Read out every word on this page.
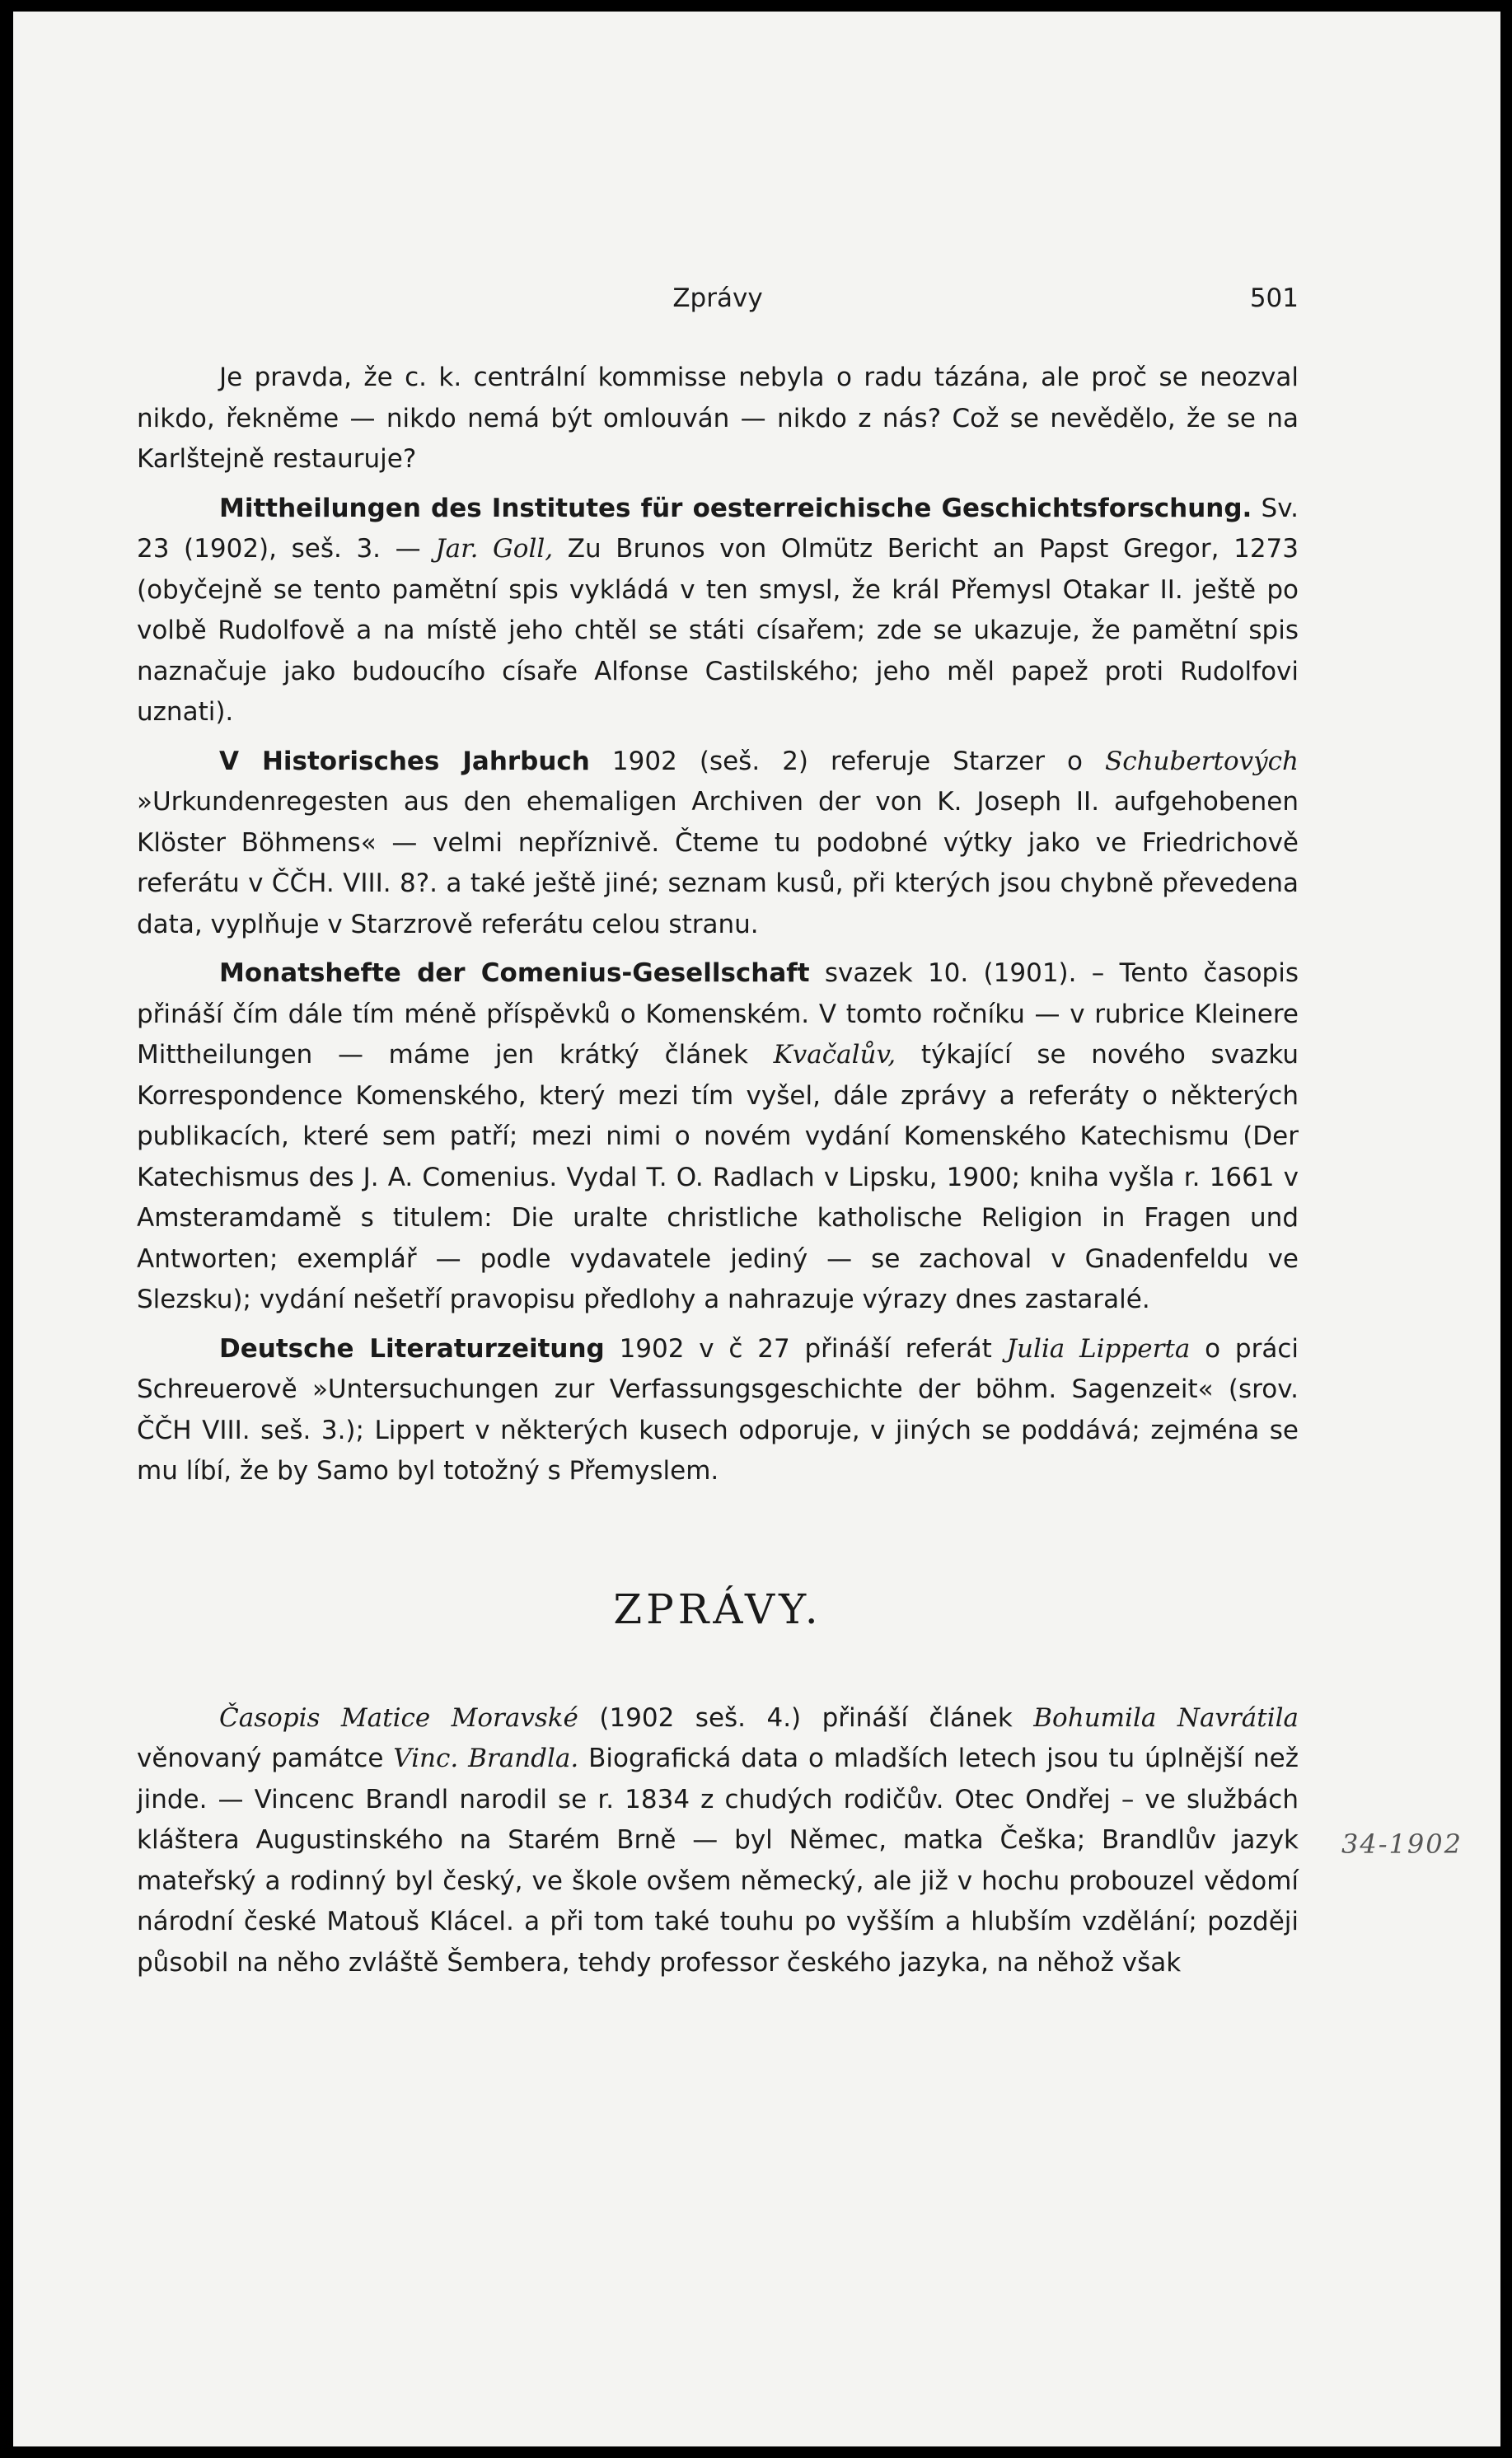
Zprávy	501

Je pravda, že c. k. centrální kommisse nebyla o radu tázána, ale proč se neozval nikdo, řekněme — nikdo nemá být omlouván — nikdo z nás? Což se nevědělo, že se na Karlštejně restauruje?

Mittheilungen des Institutes für oesterreichische Geschichtsforschung. Sv. 23 (1902), seš. 3. — Jar. Goll, Zu Brunos von Olmütz Bericht an Papst Gregor, 1273 (obyčejně se tento pamětní spis vykládá v ten smysl, že král Přemysl Otakar II. ještě po volbě Rudolfově a na místě jeho chtěl se státi císařem; zde se ukazuje, že pamětní spis naznačuje jako budoucího císaře Alfonse Castilského; jeho měl papež proti Rudolfovi uznati).

V Historisches Jahrbuch 1902 (seš. 2) referuje Starzer o Schubertových »Urkundenregesten aus den ehemaligen Archiven der von K. Joseph II. aufgehobenen Klöster Böhmens« — velmi nepříznivě. Čteme tu podobné výtky jako ve Friedrichově referátu v ČČH. VIII. 8?. a také ještě jiné; seznam kusů, při kterých jsou chybně převedena data, vyplňuje v Starzrově referátu celou stranu.

Monatshefte der Comenius-Gesellschaft svazek 10. (1901). – Tento časopis přináší čím dále tím méně příspěvků o Komenském. V tomto ročníku — v rubrice Kleinere Mittheilungen — máme jen krátký článek Kvačalův, týkající se nového svazku Korrespondence Komenského, který mezi tím vyšel, dále zprávy a referáty o některých publikacích, které sem patří; mezi nimi o novém vydání Komenského Katechismu (Der Katechismus des J. A. Comenius. Vydal T. O. Radlach v Lipsku, 1900; kniha vyšla r. 1661 v Amsteramdamě s titulem: Die uralte christliche katholische Religion in Fragen und Antworten; exemplář — podle vydavatele jediný — se zachoval v Gnadenfeldu ve Slezsku); vydání nešetří pravopisu předlohy a nahrazuje výrazy dnes zastaralé.

Deutsche Literaturzeitung 1902 v č 27 přináší referát Julia Lipperta o práci Schreuerově »Untersuchungen zur Verfassungsgeschichte der böhm. Sagenzeit« (srov. ČČH VIII. seš. 3.); Lippert v některých kusech odporuje, v jiných se poddává; zejména se mu líbí, že by Samo byl totožný s Přemyslem.

ZPRÁVY.

Časopis Matice Moravské (1902 seš. 4.) přináší článek Bohumila Navrátila věnovaný památce Vinc. Brandla. Biografická data o mladších letech jsou tu úplnější než jinde. — Vincenc Brandl narodil se r. 1834 z chudých rodičův. Otec Ondřej – ve službách kláštera Augustinského na Starém Brně — byl Němec, matka Češka; Brandlův jazyk mateřský a rodinný byl český, ve škole ovšem německý, ale již v hochu probouzel vědomí národní české Matouš Klácel. a při tom také touhu po vyšším a hlubším vzdělání; později působil na něho zvláště Šembera, tehdy professor českého jazyka, na něhož však

34-1902
